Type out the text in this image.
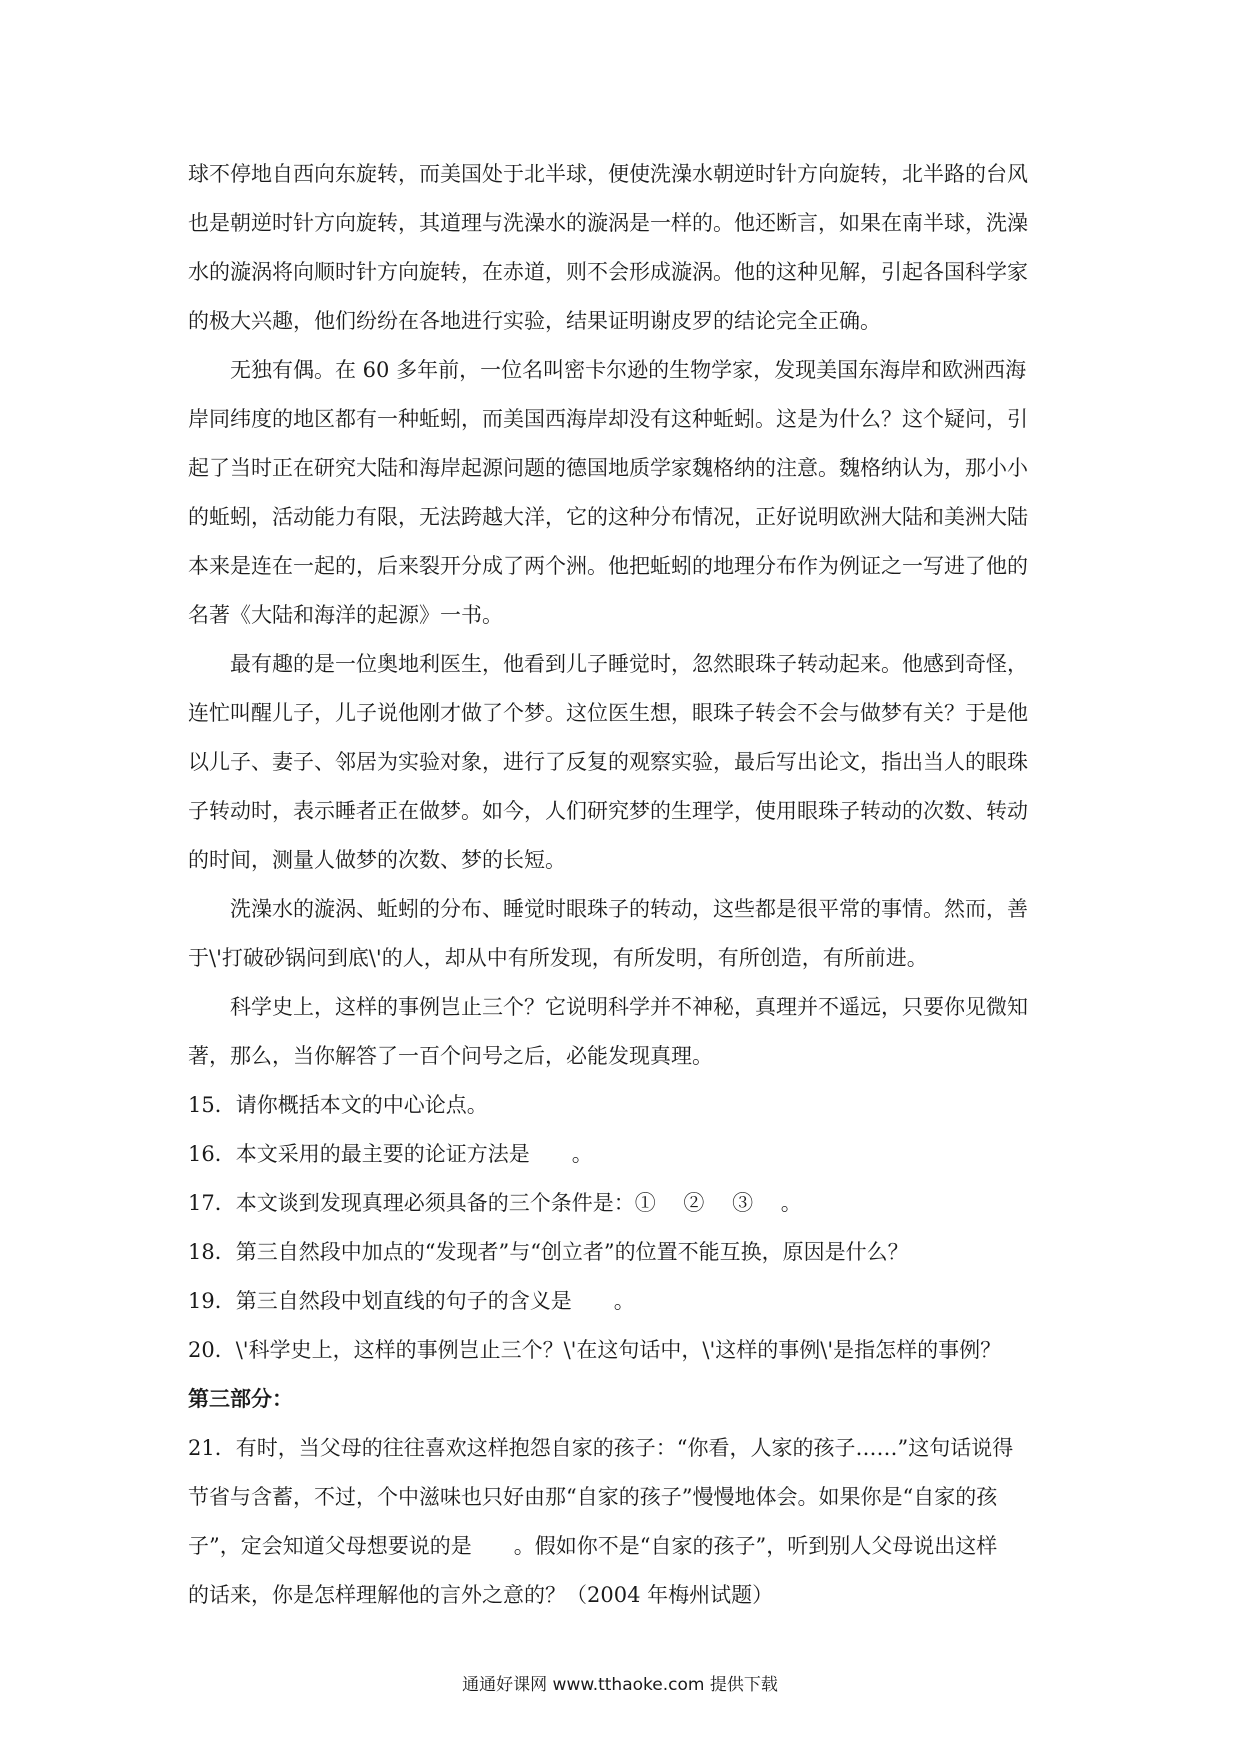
球不停地自西向东旋转，而美国处于北半球，便使洗澡水朝逆时针方向旋转，北半路的台风

也是朝逆时针方向旋转，其道理与洗澡水的漩涡是一样的。他还断言，如果在南半球，洗澡

水的漩涡将向顺时针方向旋转，在赤道，则不会形成漩涡。他的这种见解，引起各国科学家

的极大兴趣，他们纷纷在各地进行实验，结果证明谢皮罗的结论完全正确。

无独有偶。在 60 多年前，一位名叫密卡尔逊的生物学家，发现美国东海岸和欧洲西海

岸同纬度的地区都有一种蚯蚓，而美国西海岸却没有这种蚯蚓。这是为什么？这个疑问，引

起了当时正在研究大陆和海岸起源问题的德国地质学家魏格纳的注意。魏格纳认为，那小小

的蚯蚓，活动能力有限，无法跨越大洋，它的这种分布情况，正好说明欧洲大陆和美洲大陆

本来是连在一起的，后来裂开分成了两个洲。他把蚯蚓的地理分布作为例证之一写进了他的

名著《大陆和海洋的起源》一书。

最有趣的是一位奥地利医生，他看到儿子睡觉时，忽然眼珠子转动起来。他感到奇怪，

连忙叫醒儿子，儿子说他刚才做了个梦。这位医生想，眼珠子转会不会与做梦有关？于是他

以儿子、妻子、邻居为实验对象，进行了反复的观察实验，最后写出论文，指出当人的眼珠

子转动时，表示睡者正在做梦。如今，人们研究梦的生理学，使用眼珠子转动的次数、转动

的时间，测量人做梦的次数、梦的长短。

洗澡水的漩涡、蚯蚓的分布、睡觉时眼珠子的转动，这些都是很平常的事情。然而，善

于\'打破砂锅问到底\'的人，却从中有所发现，有所发明，有所创造，有所前进。

科学史上，这样的事例岂止三个？它说明科学并不神秘，真理并不遥远，只要你见微知

著，那么，当你解答了一百个问号之后，必能发现真理。

15．请你概括本文的中心论点。

16．本文采用的最主要的论证方法是　　。

17．本文谈到发现真理必须具备的三个条件是：①　 ②　 ③　 。

18．第三自然段中加点的“发现者”与“创立者”的位置不能互换，原因是什么？

19．第三自然段中划直线的句子的含义是　　。

20．\'科学史上，这样的事例岂止三个？\'在这句话中，\'这样的事例\'是指怎样的事例？

第三部分：

21．有时，当父母的往往喜欢这样抱怨自家的孩子：“你看，人家的孩子……”这句话说得

节省与含蓄，不过，个中滋味也只好由那“自家的孩子”慢慢地体会。如果你是“自家的孩

子”，定会知道父母想要说的是　　。假如你不是“自家的孩子”，听到别人父母说出这样

的话来，你是怎样理解他的言外之意的？（2004 年梅州试题）

通通好课网 www.tthaoke.com 提供下载
